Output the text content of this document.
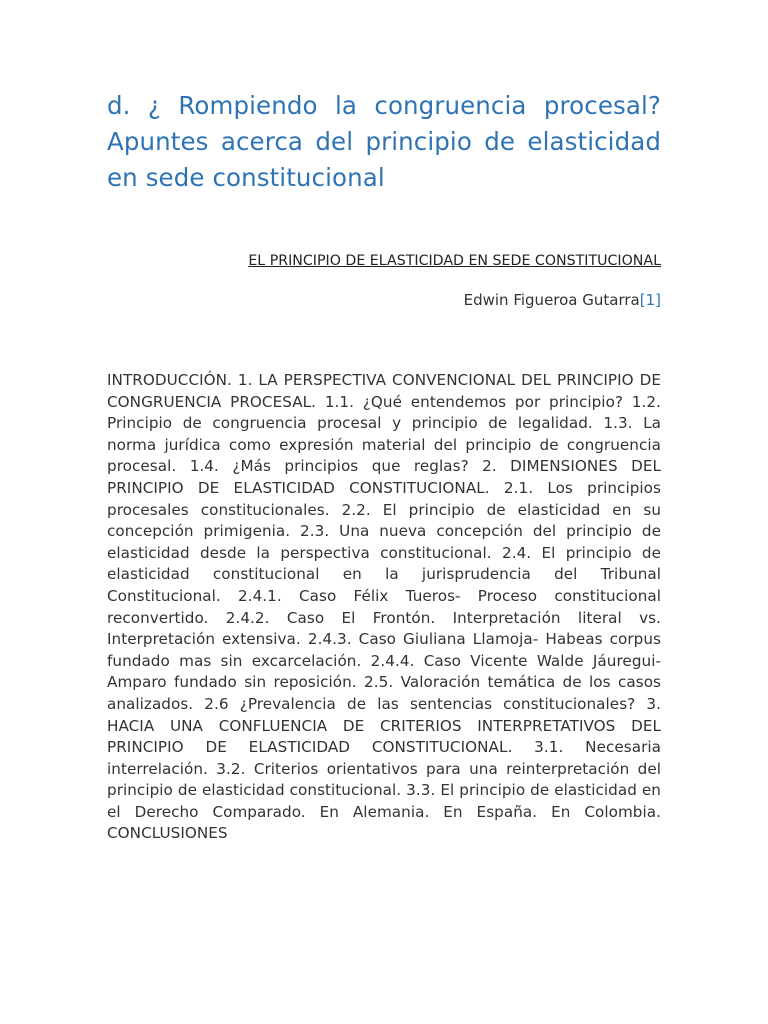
d. ¿ Rompiendo la congruencia procesal? Apuntes acerca del principio de elasticidad en sede constitucional

EL PRINCIPIO DE ELASTICIDAD EN SEDE CONSTITUCIONAL

Edwin Figueroa Gutarra[1]

INTRODUCCIÓN. 1. LA PERSPECTIVA CONVENCIONAL DEL PRINCIPIO DE CONGRUENCIA PROCESAL. 1.1. ¿Qué entendemos por principio? 1.2. Principio de congruencia procesal y principio de legalidad. 1.3. La norma jurídica como expresión material del principio de congruencia procesal. 1.4. ¿Más principios que reglas? 2. DIMENSIONES DEL PRINCIPIO DE ELASTICIDAD CONSTITUCIONAL. 2.1. Los principios procesales constitucionales. 2.2. El principio de elasticidad en su concepción primigenia. 2.3. Una nueva concepción del principio de elasticidad desde la perspectiva constitucional. 2.4. El principio de elasticidad constitucional en la jurisprudencia del Tribunal Constitucional. 2.4.1. Caso Félix Tueros- Proceso constitucional reconvertido. 2.4.2. Caso El Frontón. Interpretación literal vs. Interpretación extensiva. 2.4.3. Caso Giuliana Llamoja- Habeas corpus fundado mas sin excarcelación. 2.4.4. Caso Vicente Walde Jáuregui- Amparo fundado sin reposición. 2.5. Valoración temática de los casos analizados. 2.6 ¿Prevalencia de las sentencias constitucionales? 3. HACIA UNA CONFLUENCIA DE CRITERIOS INTERPRETATIVOS DEL PRINCIPIO DE ELASTICIDAD CONSTITUCIONAL. 3.1. Necesaria interrelación. 3.2. Criterios orientativos para una reinterpretación del principio de elasticidad constitucional. 3.3. El principio de elasticidad en el Derecho Comparado. En Alemania. En España. En Colombia. CONCLUSIONES
